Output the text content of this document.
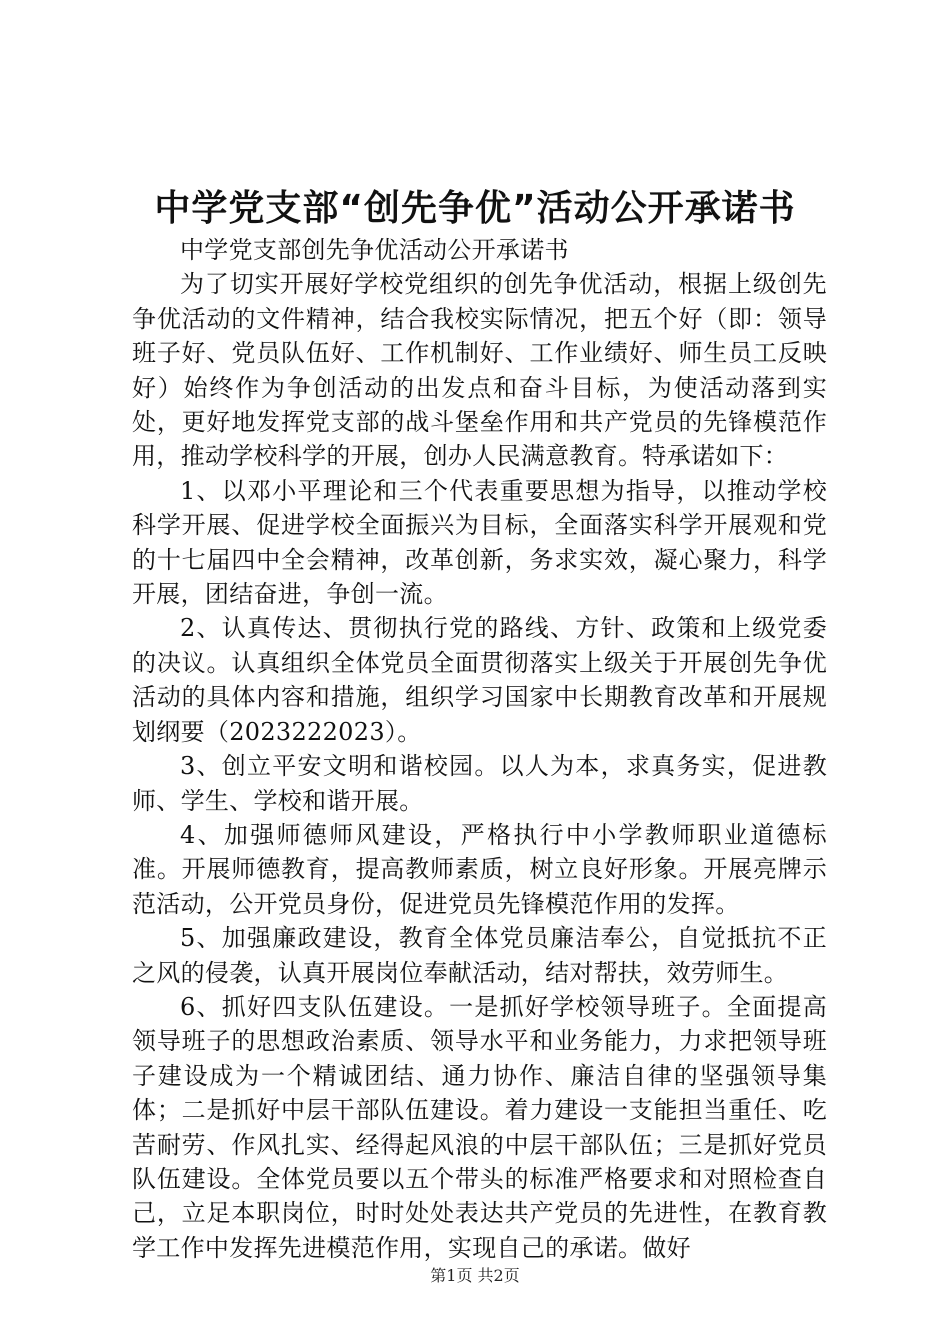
中学党支部“创先争优”活动公开承诺书

中学党支部创先争优活动公开承诺书

为了切实开展好学校党组织的创先争优活动，根据上级创先争优活动的文件精神，结合我校实际情况，把五个好（即：领导班子好、党员队伍好、工作机制好、工作业绩好、师生员工反映好）始终作为争创活动的出发点和奋斗目标，为使活动落到实处，更好地发挥党支部的战斗堡垒作用和共产党员的先锋模范作用，推动学校科学的开展，创办人民满意教育。特承诺如下：

1、以邓小平理论和三个代表重要思想为指导，以推动学校科学开展、促进学校全面振兴为目标，全面落实科学开展观和党的十七届四中全会精神，改革创新，务求实效，凝心聚力，科学开展，团结奋进，争创一流。

2、认真传达、贯彻执行党的路线、方针、政策和上级党委的决议。认真组织全体党员全面贯彻落实上级关于开展创先争优活动的具体内容和措施，组织学习国家中长期教育改革和开展规划纲要（2023222023）。

3、创立平安文明和谐校园。以人为本，求真务实，促进教师、学生、学校和谐开展。

4、加强师德师风建设，严格执行中小学教师职业道德标准。开展师德教育，提高教师素质，树立良好形象。开展亮牌示范活动，公开党员身份，促进党员先锋模范作用的发挥。

5、加强廉政建设，教育全体党员廉洁奉公，自觉抵抗不正之风的侵袭，认真开展岗位奉献活动，结对帮扶，效劳师生。

6、抓好四支队伍建设。一是抓好学校领导班子。全面提高领导班子的思想政治素质、领导水平和业务能力，力求把领导班子建设成为一个精诚团结、通力协作、廉洁自律的坚强领导集体；二是抓好中层干部队伍建设。着力建设一支能担当重任、吃苦耐劳、作风扎实、经得起风浪的中层干部队伍；三是抓好党员队伍建设。全体党员要以五个带头的标准严格要求和对照检查自己，立足本职岗位，时时处处表达共产党员的先进性，在教育教学工作中发挥先进模范作用，实现自己的承诺。做好

第1页 共2页
